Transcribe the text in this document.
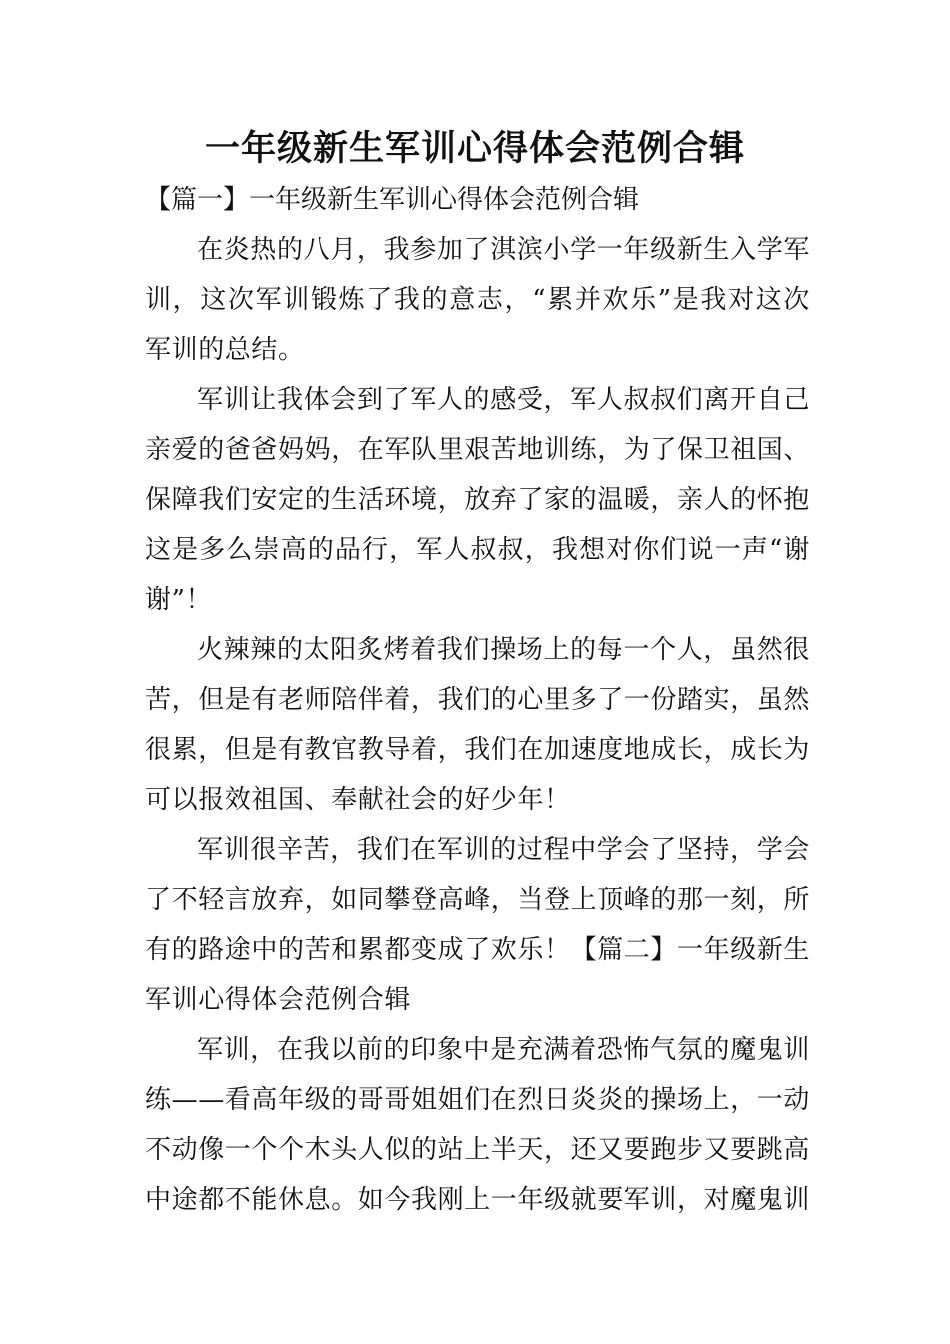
一年级新生军训心得体会范例合辑

【篇一】一年级新生军训心得体会范例合辑

在炎热的八月，我参加了淇滨小学一年级新生入学军训，这次军训锻炼了我的意志，“累并欢乐”是我对这次军训的总结。

军训让我体会到了军人的感受，军人叔叔们离开自己亲爱的爸爸妈妈，在军队里艰苦地训练，为了保卫祖国、保障我们安定的生活环境，放弃了家的温暖，亲人的怀抱这是多么崇高的品行，军人叔叔，我想对你们说一声“谢谢”！

火辣辣的太阳炙烤着我们操场上的每一个人，虽然很苦，但是有老师陪伴着，我们的心里多了一份踏实，虽然很累，但是有教官教导着，我们在加速度地成长，成长为可以报效祖国、奉献社会的好少年！

军训很辛苦，我们在军训的过程中学会了坚持，学会了不轻言放弃，如同攀登高峰，当登上顶峰的那一刻，所有的路途中的苦和累都变成了欢乐！【篇二】一年级新生军训心得体会范例合辑

军训，在我以前的印象中是充满着恐怖气氛的魔鬼训练——看高年级的哥哥姐姐们在烈日炎炎的操场上，一动不动像一个个木头人似的站上半天，还又要跑步又要跳高中途都不能休息。如今我刚上一年级就要军训，对魔鬼训
